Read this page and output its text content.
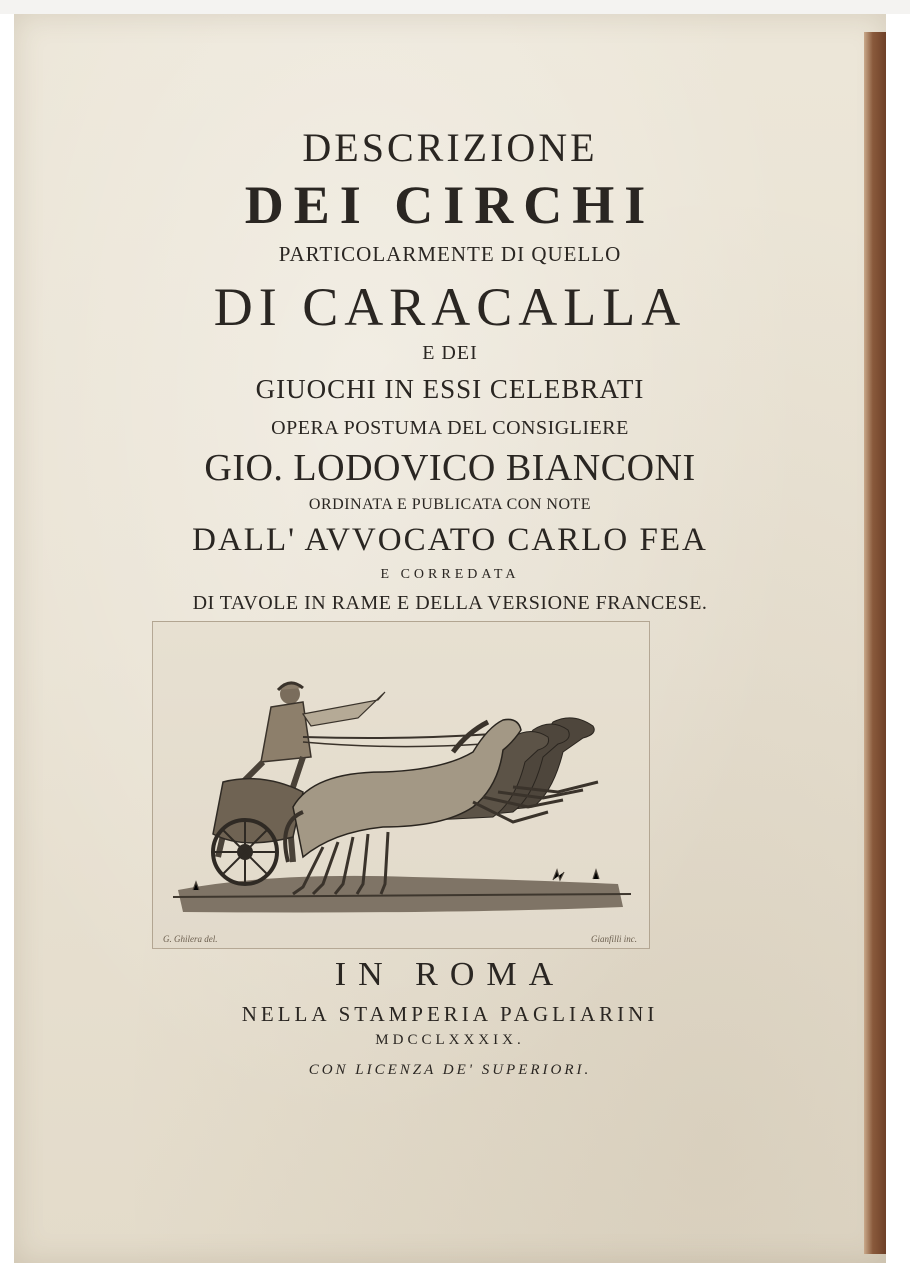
DESCRIZIONE
DEI CIRCHI
PARTICOLARMENTE DI QUELLO
DI CARACALLA
E DEI
GIUOCHI IN ESSI CELEBRATI
OPERA POSTUMA DEL CONSIGLIERE
GIO. LODOVICO BIANCONI
ORDINATA E PUBLICATA CON NOTE
DALL' AVVOCATO CARLO FEA
E CORREDATA
DI TAVOLE IN RAME E DELLA VERSIONE FRANCESE.
G. Ghilera del.	Gianfilli inc.
IN ROMA
NELLA STAMPERIA PAGLIARINI
MDCCLXXXIX.
CON LICENZA DE' SUPERIORI.
